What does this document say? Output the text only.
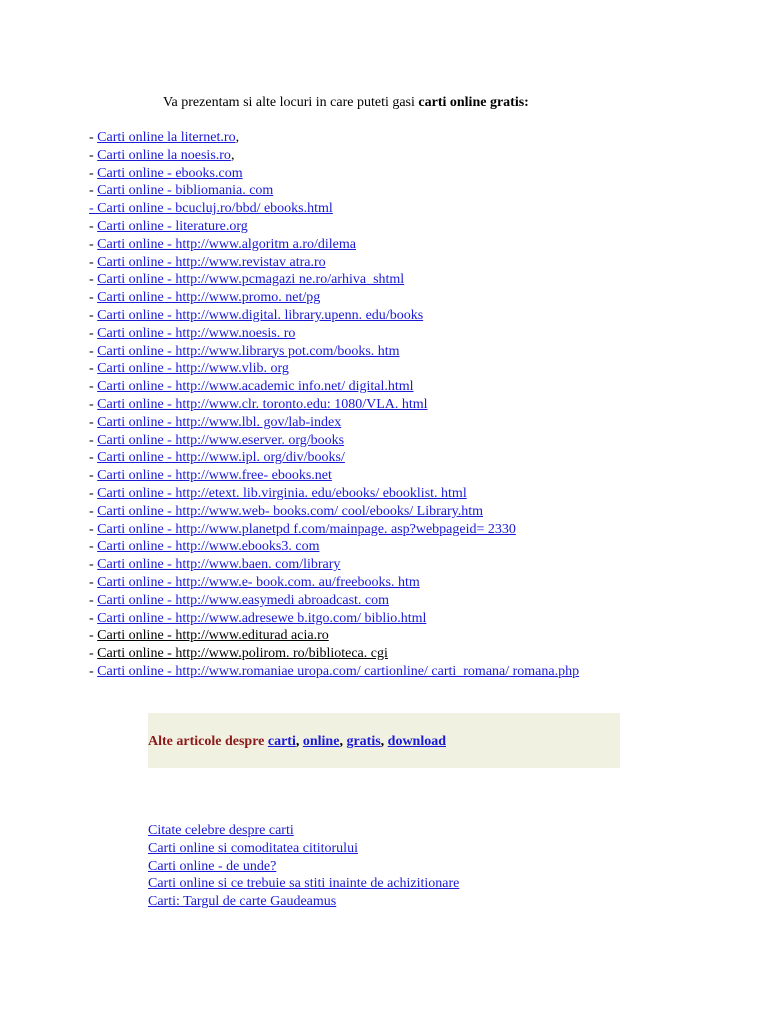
Va prezentam si alte locuri in care puteti gasi carti online gratis:
- Carti online la liternet.ro,
- Carti online la noesis.ro,
- Carti online - ebooks.com
- Carti online - bibliomania. com
- Carti online - bcucluj.ro/bbd/ ebooks.html
- Carti online - literature.org
- Carti online - http://www.algoritm a.ro/dilema
- Carti online - http://www.revistav atra.ro
- Carti online - http://www.pcmagazi ne.ro/arhiva_shtml
- Carti online - http://www.promo. net/pg
- Carti online - http://www.digital. library.upenn. edu/books
- Carti online - http://www.noesis. ro
- Carti online - http://www.librarys pot.com/books. htm
- Carti online - http://www.vlib. org
- Carti online - http://www.academic info.net/ digital.html
- Carti online - http://www.clr. toronto.edu: 1080/VLA. html
- Carti online - http://www.lbl. gov/lab-index
- Carti online - http://www.eserver. org/books
- Carti online - http://www.ipl. org/div/books/
- Carti online - http://www.free- ebooks.net
- Carti online - http://etext. lib.virginia. edu/ebooks/ ebooklist. html
- Carti online - http://www.web- books.com/ cool/ebooks/ Library.htm
- Carti online - http://www.planetpd f.com/mainpage. asp?webpageid= 2330
- Carti online - http://www.ebooks3. com
- Carti online - http://www.baen. com/library
- Carti online - http://www.e- book.com. au/freebooks. htm
- Carti online - http://www.easymedi abroadcast. com
- Carti online - http://www.adresewe b.itgo.com/ biblio.html
- Carti online - http://www.editurad acia.ro
- Carti online - http://www.polirom. ro/biblioteca. cgi
- Carti online - http://www.romaniae uropa.com/ cartionline/ carti_romana/ romana.php
Alte articole despre carti, online, gratis, download
Citate celebre despre carti
Carti online si comoditatea cititorului
Carti online - de unde?
Carti online si ce trebuie sa stiti inainte de achizitionare
Carti: Targul de carte Gaudeamus
